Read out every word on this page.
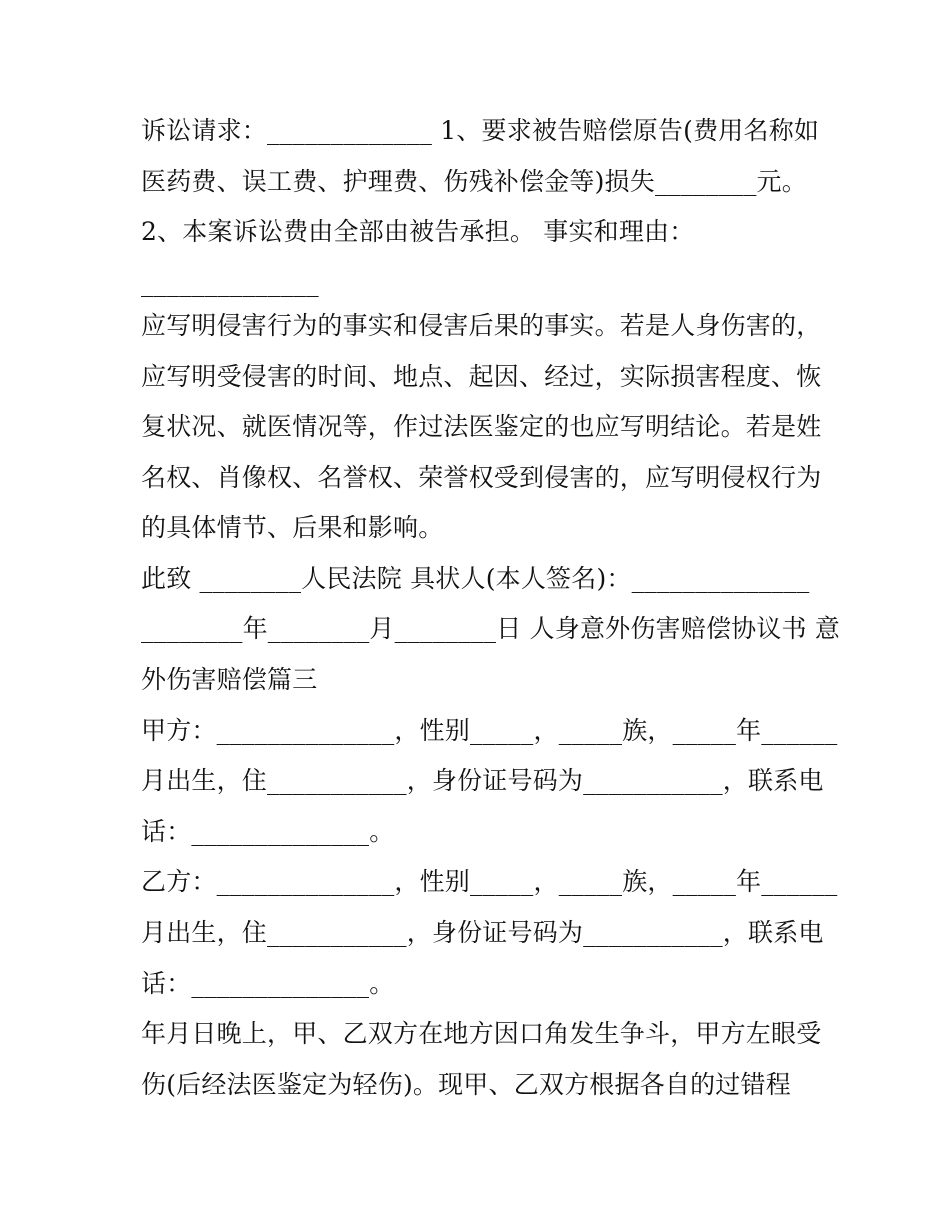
诉讼请求：_____________ 1、要求被告赔偿原告(费用名称如
医药费、误工费、护理费、伤残补偿金等)损失________元。
2、本案诉讼费由全部由被告承担。 事实和理由：
______________
应写明侵害行为的事实和侵害后果的事实。若是人身伤害的，
应写明受侵害的时间、地点、起因、经过，实际损害程度、恢
复状况、就医情况等，作过法医鉴定的也应写明结论。若是姓
名权、肖像权、名誉权、荣誉权受到侵害的，应写明侵权行为
的具体情节、后果和影响。
此致 ________人民法院 具状人(本人签名)：______________
________年________月________日 人身意外伤害赔偿协议书 意
外伤害赔偿篇三
甲方：______________，性别_____，_____族，_____年______
月出生，住___________，身份证号码为___________，联系电
话：______________。
乙方：______________，性别_____，_____族，_____年______
月出生，住___________，身份证号码为___________，联系电
话：______________。
年月日晚上，甲、乙双方在地方因口角发生争斗，甲方左眼受
伤(后经法医鉴定为轻伤)。现甲、乙双方根据各自的过错程
